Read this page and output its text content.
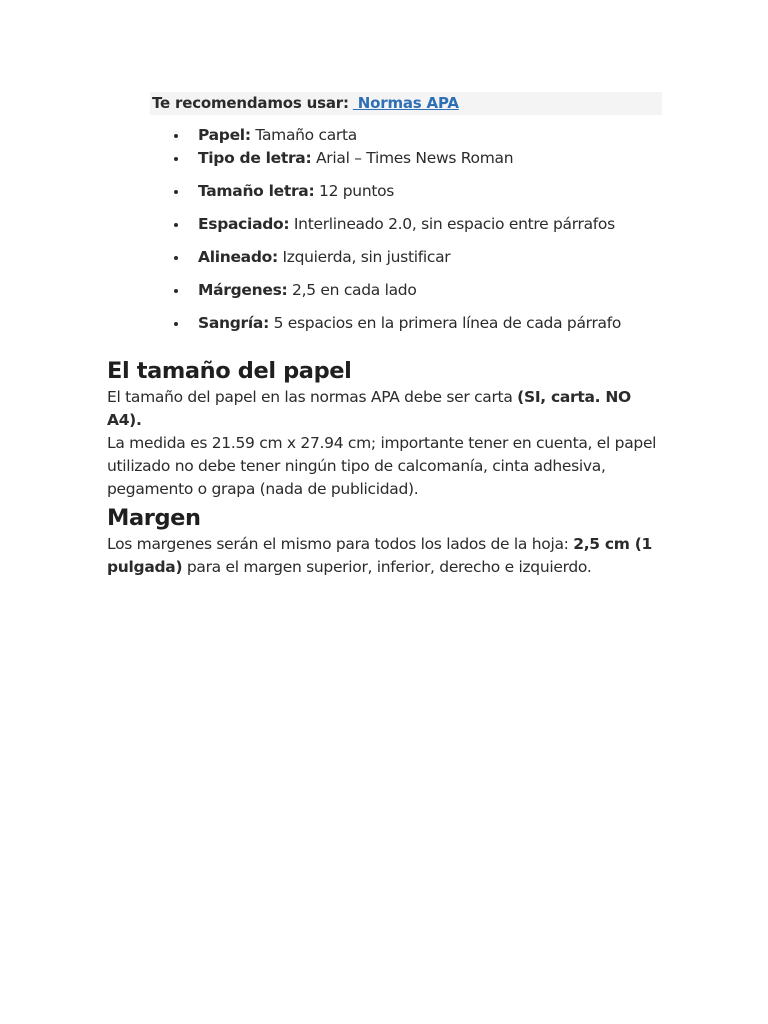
Te recomendamos usar: Normas APA
Papel: Tamaño carta
Tipo de letra: Arial – Times News Roman
Tamaño letra: 12 puntos
Espaciado: Interlineado 2.0, sin espacio entre párrafos
Alineado: Izquierda, sin justificar
Márgenes: 2,5 en cada lado
Sangría: 5 espacios en la primera línea de cada párrafo
El tamaño del papel

El tamaño del papel en las normas APA debe ser carta (SI, carta. NO A4).

La medida es 21.59 cm x 27.94 cm; importante tener en cuenta, el papel utilizado no debe tener ningún tipo de calcomanía, cinta adhesiva, pegamento o grapa (nada de publicidad).

Margen

Los margenes serán el mismo para todos los lados de la hoja: 2,5 cm (1 pulgada) para el margen superior, inferior, derecho e izquierdo.
